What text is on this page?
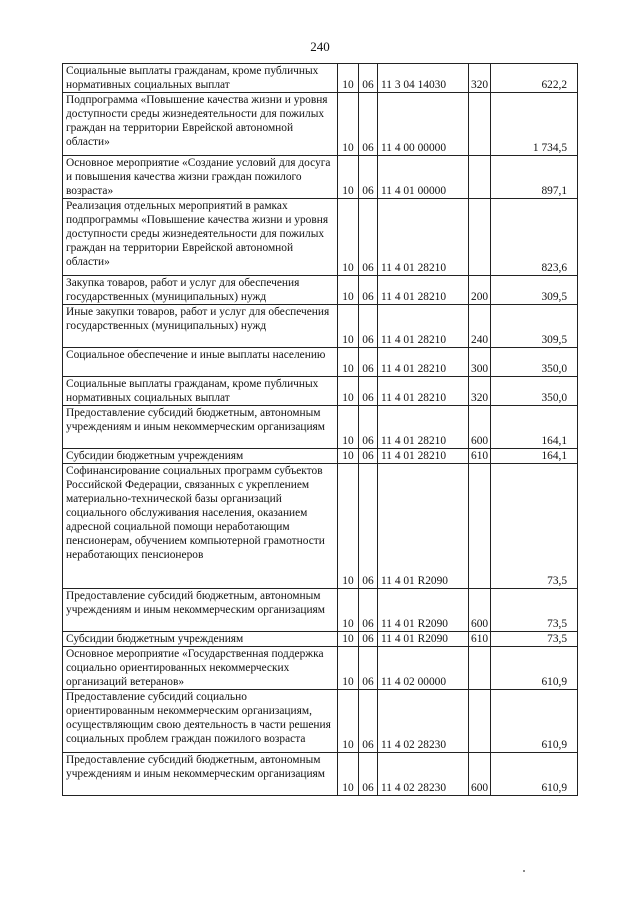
240
Социальные выплаты гражданам, кроме публичных нормативных социальных выплат	10	06	11 3 04 14030	320	622,2
Подпрограмма «Повышение качества жизни и уровня доступности среды жизнедеятельности для пожилых граждан на территории Еврейской автономной области»	10	06	11 4 00 00000		1 734,5
Основное мероприятие «Создание условий для досуга и повышения качества жизни граждан пожилого возраста»	10	06	11 4 01 00000		897,1
Реализация отдельных мероприятий в рамках подпрограммы «Повышение качества жизни и уровня доступности среды жизнедеятельности для пожилых граждан на территории Еврейской автономной области»	10	06	11 4 01 28210		823,6
Закупка товаров, работ и услуг для обеспечения государственных (муниципальных) нужд	10	06	11 4 01 28210	200	309,5
Иные закупки товаров, работ и услуг для обеспечения государственных (муниципальных) нужд	10	06	11 4 01 28210	240	309,5
Социальное обеспечение и иные выплаты населению	10	06	11 4 01 28210	300	350,0
Социальные выплаты гражданам, кроме публичных нормативных социальных выплат	10	06	11 4 01 28210	320	350,0
Предоставление субсидий бюджетным, автономным учреждениям и иным некоммерческим организациям	10	06	11 4 01 28210	600	164,1
Субсидии бюджетным учреждениям	10	06	11 4 01 28210	610	164,1
Софинансирование социальных программ субъектов Российской Федерации, связанных с укреплением материально-технической базы организаций социального обслуживания населения, оказанием адресной социальной помощи неработающим пенсионерам, обучением компьютерной грамотности неработающих пенсионеров	10	06	11 4 01 R2090		73,5
Предоставление субсидий бюджетным, автономным учреждениям и иным некоммерческим организациям	10	06	11 4 01 R2090	600	73,5
Субсидии бюджетным учреждениям	10	06	11 4 01 R2090	610	73,5
Основное мероприятие «Государственная поддержка социально ориентированных некоммерческих организаций ветеранов»	10	06	11 4 02 00000		610,9
Предоставление субсидий социально ориентированным некоммерческим организациям, осуществляющим свою деятельность в части решения социальных проблем граждан пожилого возраста	10	06	11 4 02 28230		610,9
Предоставление субсидий бюджетным, автономным учреждениям и иным некоммерческим организациям	10	06	11 4 02 28230	600	610,9
